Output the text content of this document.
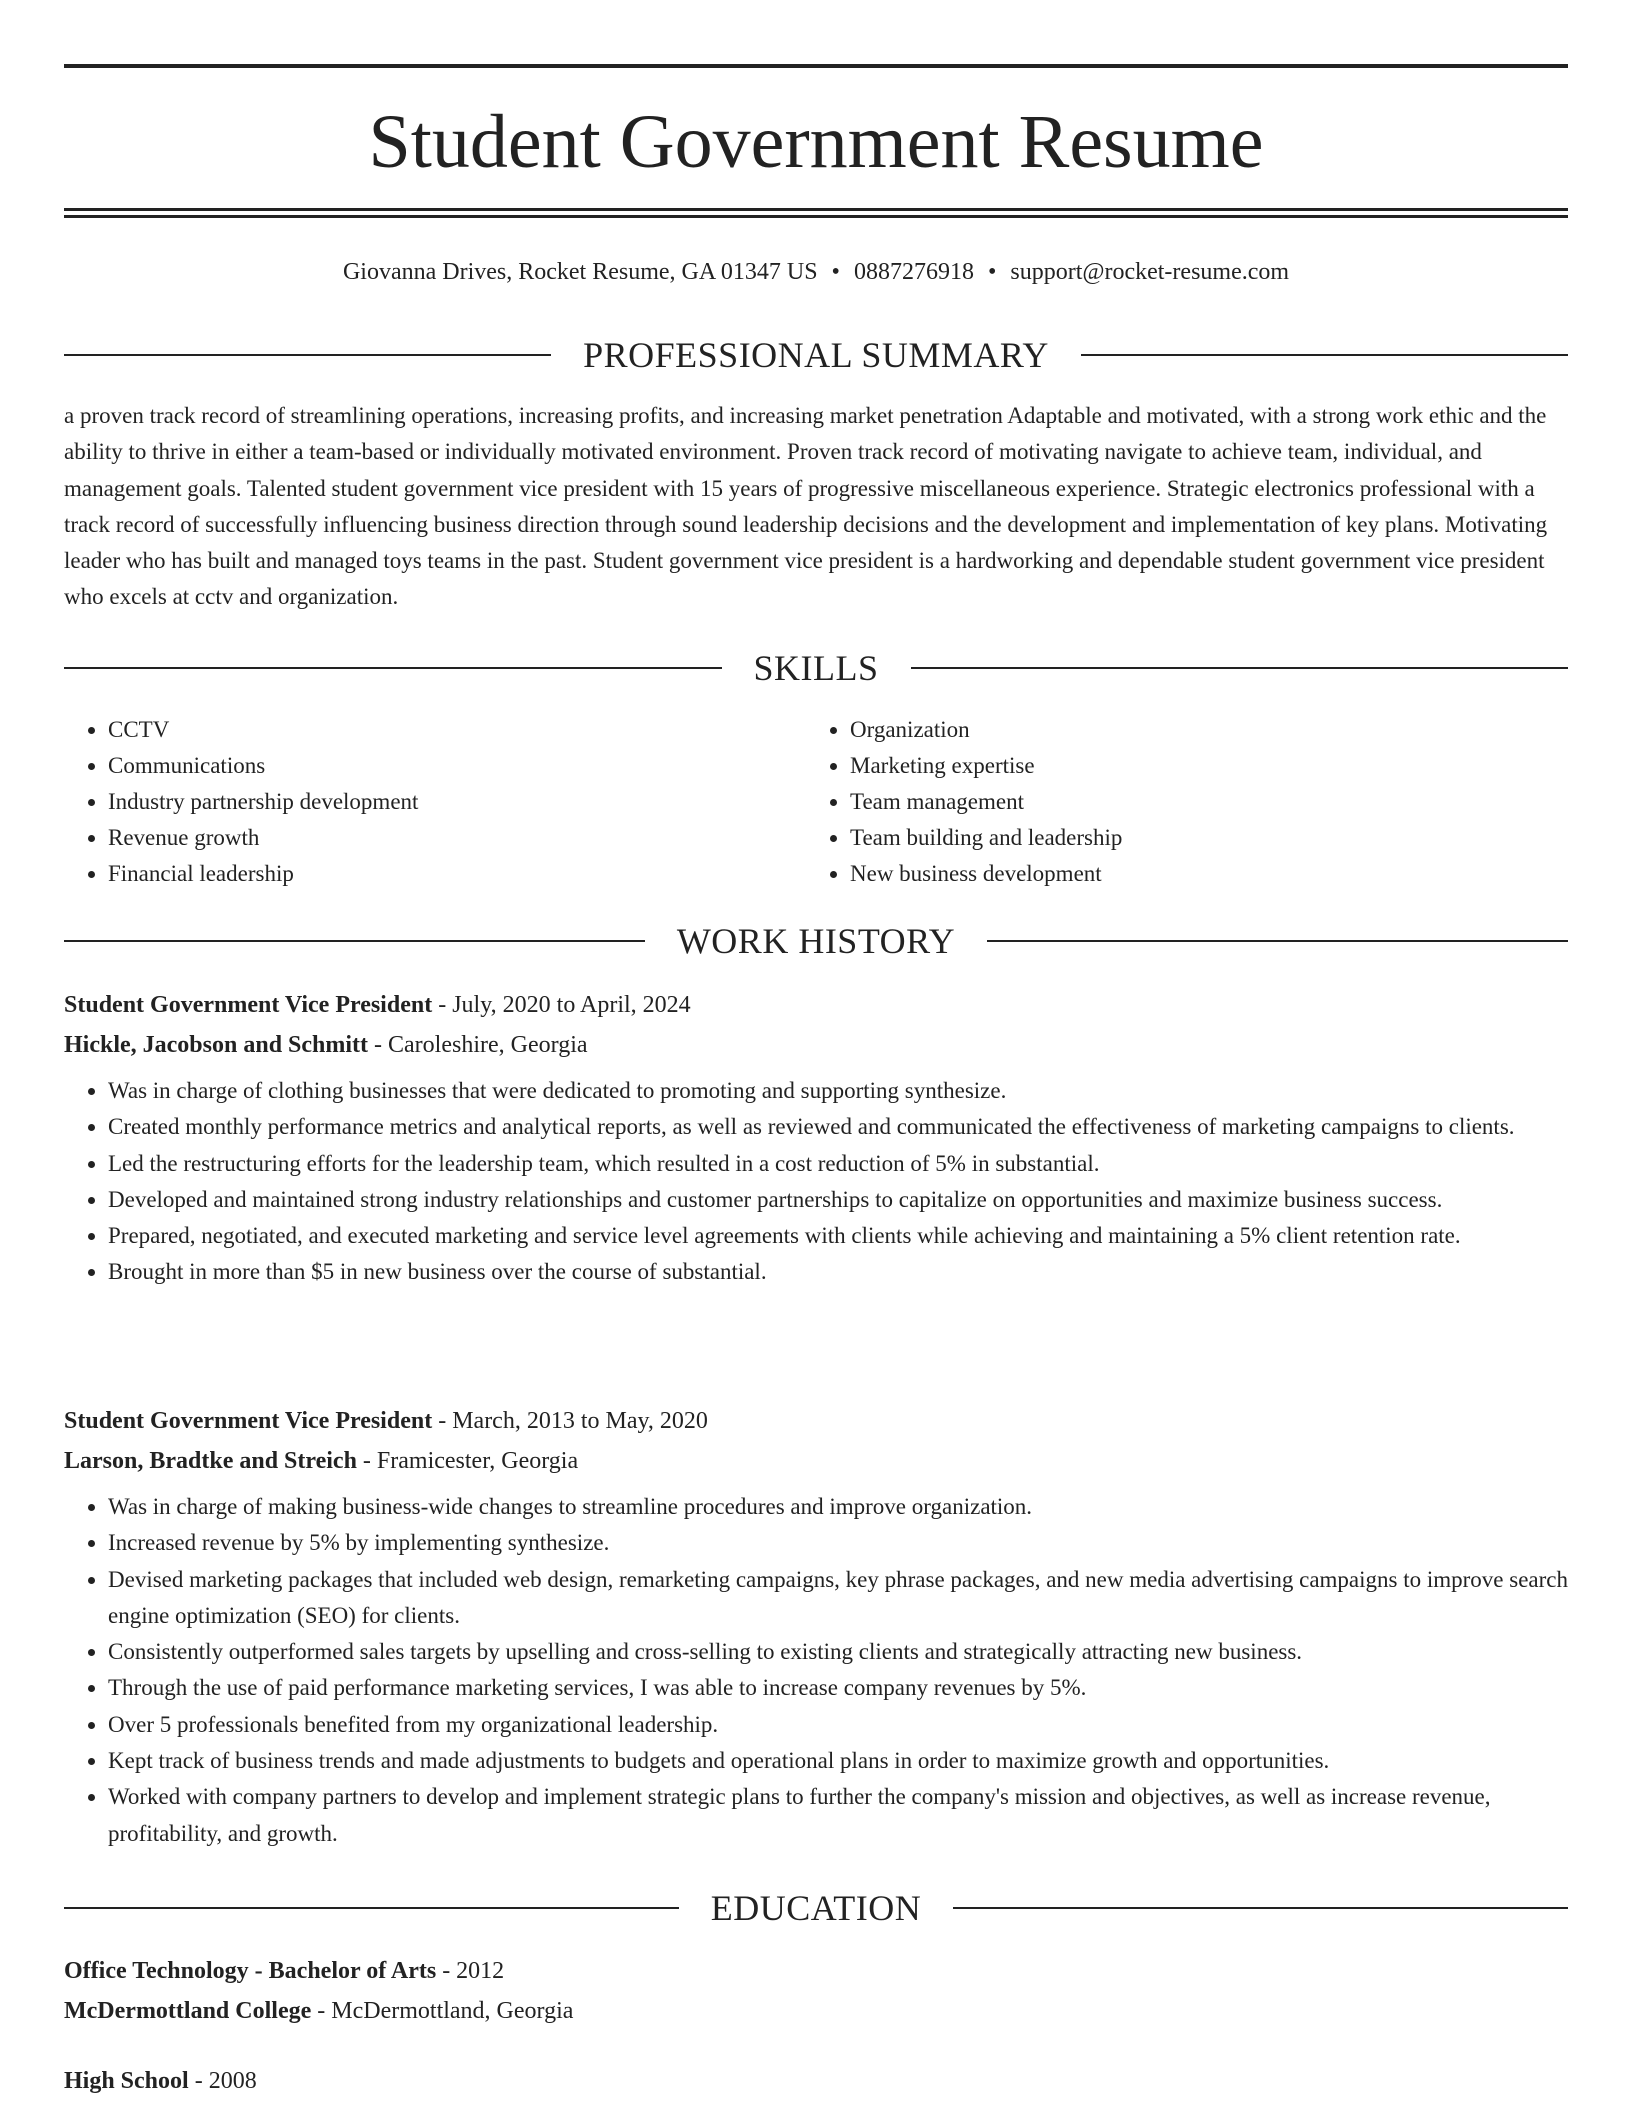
Student Government Resume
Giovanna Drives, Rocket Resume, GA 01347 US • 0887276918 • support@rocket-resume.com
PROFESSIONAL SUMMARY

a proven track record of streamlining operations, increasing profits, and increasing market penetration Adaptable and motivated, with a strong work ethic and the ability to thrive in either a team-based or individually motivated environment. Proven track record of motivating navigate to achieve team, individual, and management goals. Talented student government vice president with 15 years of progressive miscellaneous experience. Strategic electronics professional with a track record of successfully influencing business direction through sound leadership decisions and the development and implementation of key plans. Motivating leader who has built and managed toys teams in the past. Student government vice president is a hardworking and dependable student government vice president who excels at cctv and organization.

SKILLS
• CCTV
• Communications
• Industry partnership development
• Revenue growth
• Financial leadership
• Organization
• Marketing expertise
• Team management
• Team building and leadership
• New business development
WORK HISTORY

Student Government Vice President - July, 2020 to April, 2024

Hickle, Jacobson and Schmitt - Caroleshire, Georgia

• Was in charge of clothing businesses that were dedicated to promoting and supporting synthesize.
• Created monthly performance metrics and analytical reports, as well as reviewed and communicated the effectiveness of marketing campaigns to clients.
• Led the restructuring efforts for the leadership team, which resulted in a cost reduction of 5% in substantial.
• Developed and maintained strong industry relationships and customer partnerships to capitalize on opportunities and maximize business success.
• Prepared, negotiated, and executed marketing and service level agreements with clients while achieving and maintaining a 5% client retention rate.
• Brought in more than $5 in new business over the course of substantial.

Student Government Vice President - March, 2013 to May, 2020

Larson, Bradtke and Streich - Framicester, Georgia

• Was in charge of making business-wide changes to streamline procedures and improve organization.
• Increased revenue by 5% by implementing synthesize.
• Devised marketing packages that included web design, remarketing campaigns, key phrase packages, and new media advertising campaigns to improve search engine optimization (SEO) for clients.
• Consistently outperformed sales targets by upselling and cross-selling to existing clients and strategically attracting new business.
• Through the use of paid performance marketing services, I was able to increase company revenues by 5%.
• Over 5 professionals benefited from my organizational leadership.
• Kept track of business trends and made adjustments to budgets and operational plans in order to maximize growth and opportunities.
• Worked with company partners to develop and implement strategic plans to further the company's mission and objectives, as well as increase revenue, profitability, and growth.
EDUCATION

Office Technology - Bachelor of Arts - 2012

McDermottland College - McDermottland, Georgia

High School - 2008
